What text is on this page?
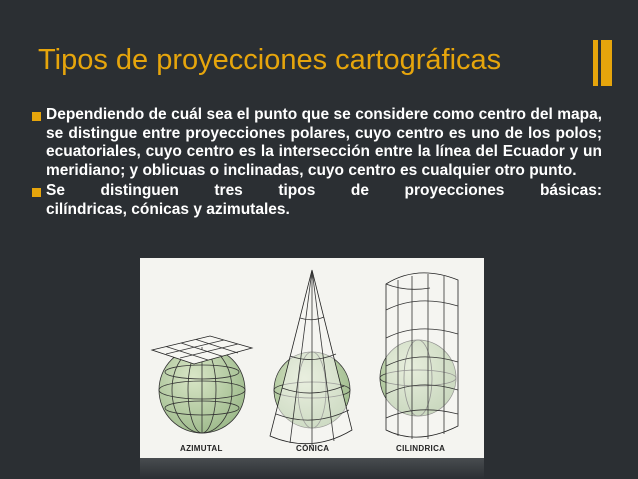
Tipos de proyecciones cartográficas
Dependiendo de cuál sea el punto que se considere como centro del mapa, se distingue entre proyecciones polares, cuyo centro es uno de los polos; ecuatoriales, cuyo centro es la intersección entre la línea del Ecuador y un meridiano; y oblicuas o inclinadas, cuyo centro es cualquier otro punto.
Se distinguen tres tipos de proyecciones básicas:
cilíndricas, cónicas y azimutales.
AZIMUTAL	CÓNICA	CILINDRICA
